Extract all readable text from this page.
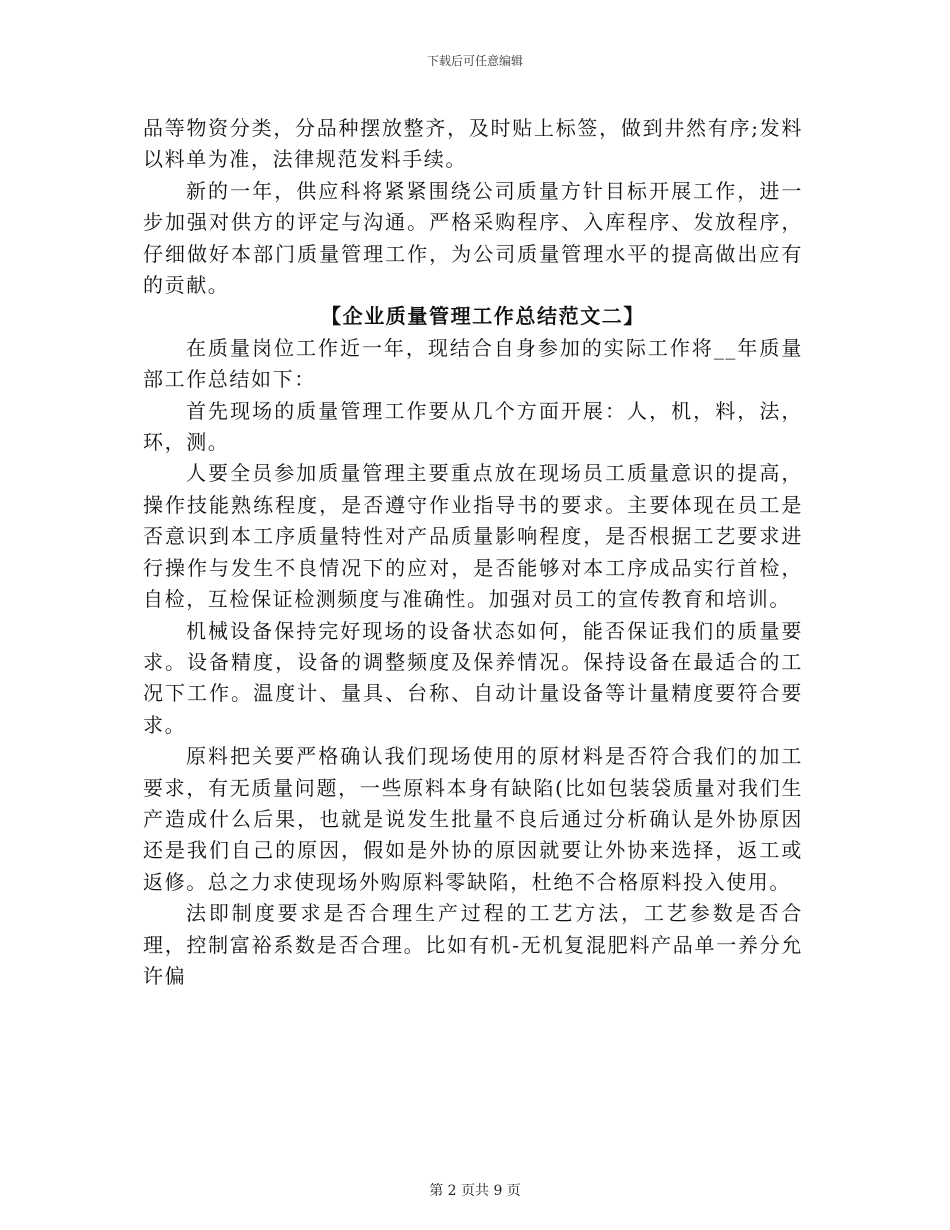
下载后可任意编辑

品等物资分类，分品种摆放整齐，及时贴上标签，做到井然有序;发料以料单为准，法律规范发料手续。

新的一年，供应科将紧紧围绕公司质量方针目标开展工作，进一步加强对供方的评定与沟通。严格采购程序、入库程序、发放程序，仔细做好本部门质量管理工作，为公司质量管理水平的提高做出应有的贡献。

【企业质量管理工作总结范文二】

在质量岗位工作近一年，现结合自身参加的实际工作将__年质量部工作总结如下：

首先现场的质量管理工作要从几个方面开展：人，机，料，法，环，测。

人要全员参加质量管理主要重点放在现场员工质量意识的提高，操作技能熟练程度，是否遵守作业指导书的要求。主要体现在员工是否意识到本工序质量特性对产品质量影响程度，是否根据工艺要求进行操作与发生不良情况下的应对，是否能够对本工序成品实行首检，自检，互检保证检测频度与准确性。加强对员工的宣传教育和培训。

机械设备保持完好现场的设备状态如何，能否保证我们的质量要求。设备精度，设备的调整频度及保养情况。保持设备在最适合的工况下工作。温度计、量具、台称、自动计量设备等计量精度要符合要求。

原料把关要严格确认我们现场使用的原材料是否符合我们的加工要求，有无质量问题，一些原料本身有缺陷(比如包装袋质量对我们生产造成什么后果，也就是说发生批量不良后通过分析确认是外协原因还是我们自己的原因，假如是外协的原因就要让外协来选择，返工或返修。总之力求使现场外购原料零缺陷，杜绝不合格原料投入使用。

法即制度要求是否合理生产过程的工艺方法，工艺参数是否合理，控制富裕系数是否合理。比如有机-无机复混肥料产品单一养分允许偏

第 2 页共 9 页
